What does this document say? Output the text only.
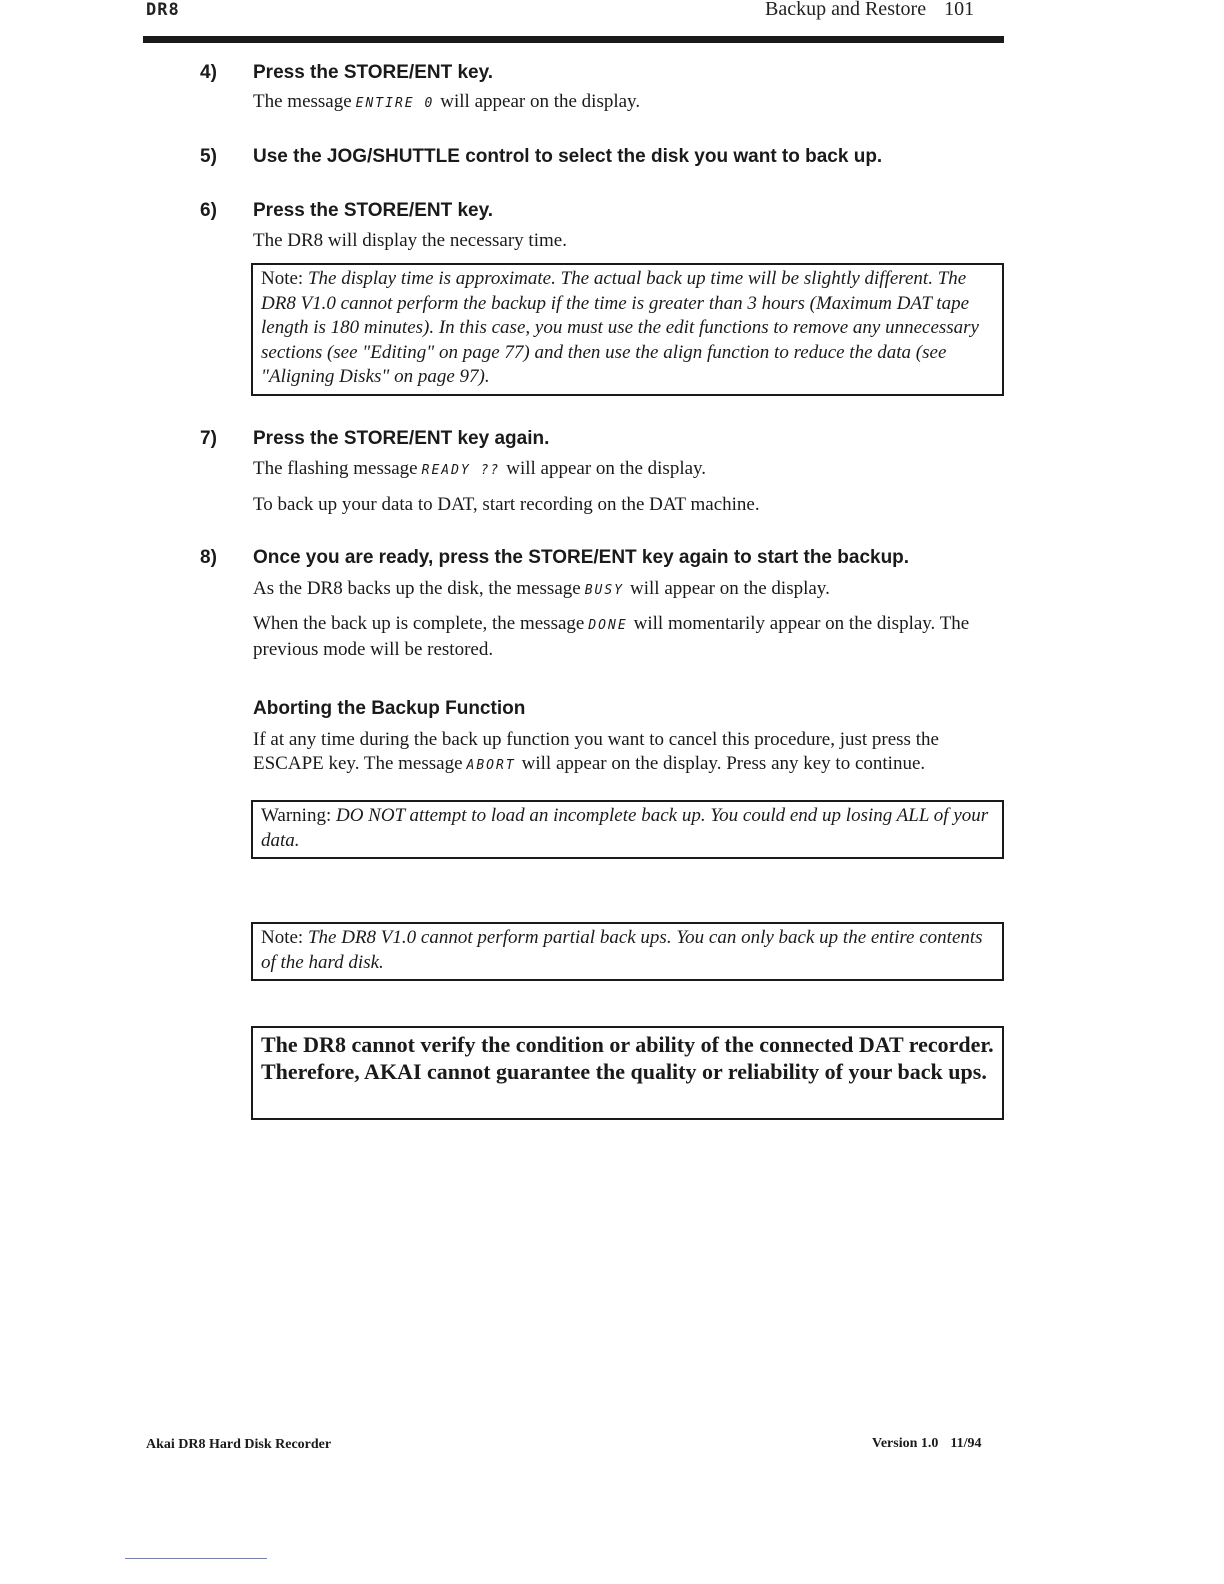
DR8	Backup and Restore 101
4) Press the STORE/ENT key.
The message ENTIRE 0 will appear on the display.
5) Use the JOG/SHUTTLE control to select the disk you want to back up.
6) Press the STORE/ENT key.
The DR8 will display the necessary time.
Note: The display time is approximate. The actual back up time will be slightly different. The DR8 V1.0 cannot perform the backup if the time is greater than 3 hours (Maximum DAT tape length is 180 minutes). In this case, you must use the edit functions to remove any unnecessary sections (see "Editing" on page 77) and then use the align function to reduce the data (see "Aligning Disks" on page 97).
7) Press the STORE/ENT key again.
The flashing message READY ?? will appear on the display.
To back up your data to DAT, start recording on the DAT machine.
8) Once you are ready, press the STORE/ENT key again to start the backup.
As the DR8 backs up the disk, the message BUSY will appear on the display.
When the back up is complete, the message DONE will momentarily appear on the display. The previous mode will be restored.
Aborting the Backup Function
If at any time during the back up function you want to cancel this procedure, just press the ESCAPE key. The message ABORT will appear on the display. Press any key to continue.
Warning: DO NOT attempt to load an incomplete back up. You could end up losing ALL of your data.
Note: The DR8 V1.0 cannot perform partial back ups. You can only back up the entire contents of the hard disk.
The DR8 cannot verify the condition or ability of the connected DAT recorder. Therefore, AKAI cannot guarantee the quality or reliability of your back ups.
Akai DR8 Hard Disk Recorder	Version 1.0 11/94
